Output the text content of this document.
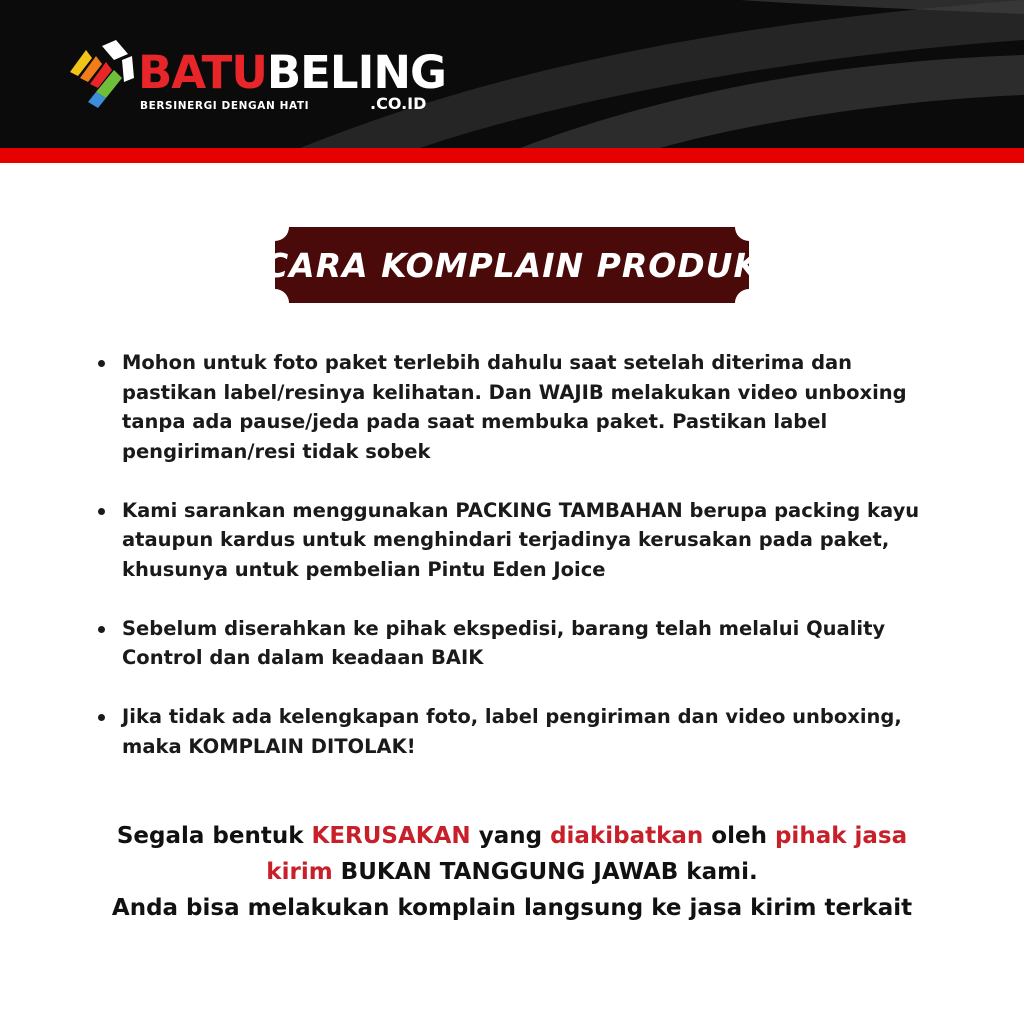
BATUBELING
BERSINERGI DENGAN HATI	.CO.ID
CARA KOMPLAIN PRODUK
Mohon untuk foto paket terlebih dahulu saat setelah diterima dan pastikan label/resinya kelihatan. Dan WAJIB melakukan video unboxing tanpa ada pause/jeda pada saat membuka paket. Pastikan label pengiriman/resi tidak sobek
Kami sarankan menggunakan PACKING TAMBAHAN berupa packing kayu ataupun kardus untuk menghindari terjadinya kerusakan pada paket, khusunya untuk pembelian Pintu Eden Joice
Sebelum diserahkan ke pihak ekspedisi, barang telah melalui Quality Control dan dalam keadaan BAIK
Jika tidak ada kelengkapan foto, label pengiriman dan video unboxing, maka KOMPLAIN DITOLAK!
Segala bentuk KERUSAKAN yang diakibatkan oleh pihak jasa kirim BUKAN TANGGUNG JAWAB kami.
Anda bisa melakukan komplain langsung ke jasa kirim terkait
